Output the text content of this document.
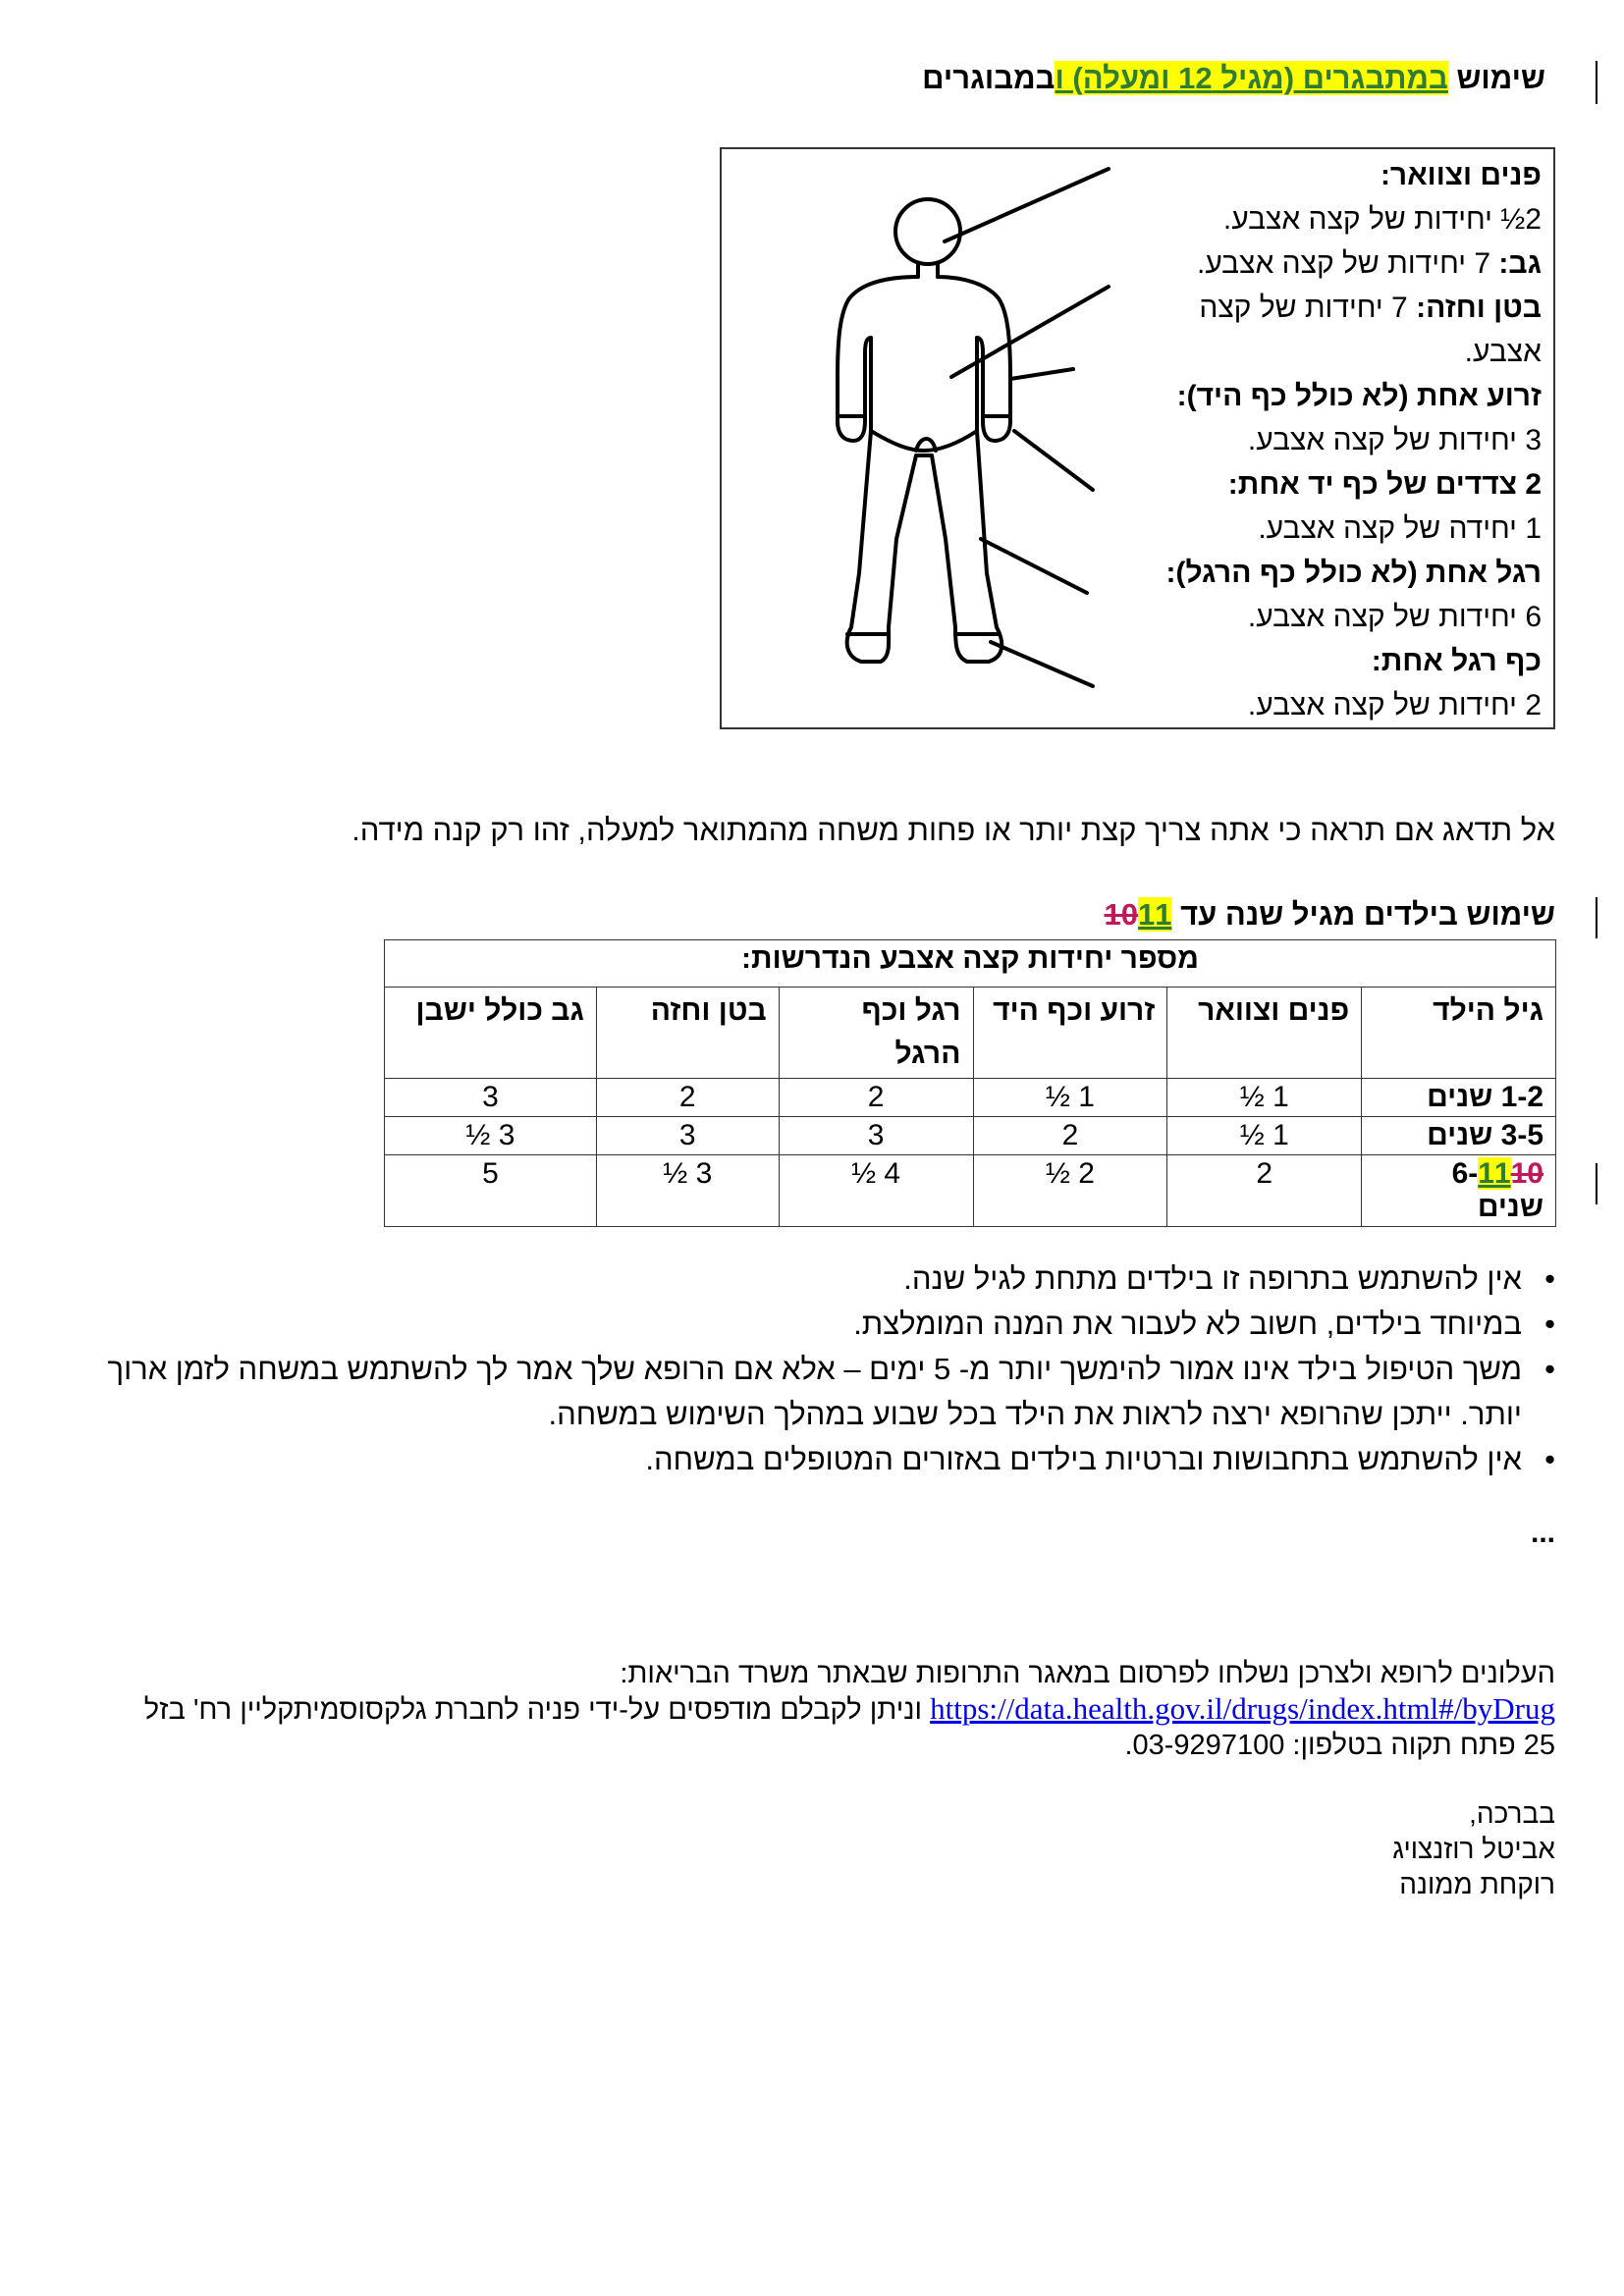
שימוש במתבגרים (מגיל 12 ומעלה) ובמבוגרים
פנים וצוואר:
2½ יחידות של קצה אצבע.
גב: 7 יחידות של קצה אצבע.
בטן וחזה: 7 יחידות של קצה
אצבע.
זרוע אחת (לא כולל כף היד):
3 יחידות של קצה אצבע.
2 צדדים של כף יד אחת:
1 יחידה של קצה אצבע.
רגל אחת (לא כולל כף הרגל):
6 יחידות של קצה אצבע.
כף רגל אחת:
2 יחידות של קצה אצבע.
אל תדאג אם תראה כי אתה צריך קצת יותר או פחות משחה מהמתואר למעלה, זהו רק קנה מידה.
שימוש בילדים מגיל שנה עד 1011
מספר יחידות קצה אצבע הנדרשות:					
גיל הילד	פנים וצוואר	זרוע וכף היד	רגל וכף הרגל	בטן וחזה	גב כולל ישבן
1-2 שנים	1 ½	1 ½	2	2	3
3-5 שנים	1 ½	2	3	3	3 ½
6-1110
שנים	2	2 ½	4 ½	3 ½	5
• אין להשתמש בתרופה זו בילדים מתחת לגיל שנה.
• במיוחד בילדים, חשוב לא לעבור את המנה המומלצת.
• משך הטיפול בילד אינו אמור להימשך יותר מ- 5 ימים – אלא אם הרופא שלך אמר לך להשתמש במשחה לזמן ארוך יותר. ייתכן שהרופא ירצה לראות את הילד בכל שבוע במהלך השימוש במשחה.
• אין להשתמש בתחבושות וברטיות בילדים באזורים המטופלים במשחה.
...
העלונים לרופא ולצרכן נשלחו לפרסום במאגר התרופות שבאתר משרד הבריאות:
https://data.health.gov.il/drugs/index.html#/byDrug וניתן לקבלם מודפסים על-ידי פניה לחברת גלקסוסמיתקליין רח' בזל
25 פתח תקוה בטלפון: 03-9297100.
בברכה,
אביטל רוזנצויג
רוקחת ממונה
